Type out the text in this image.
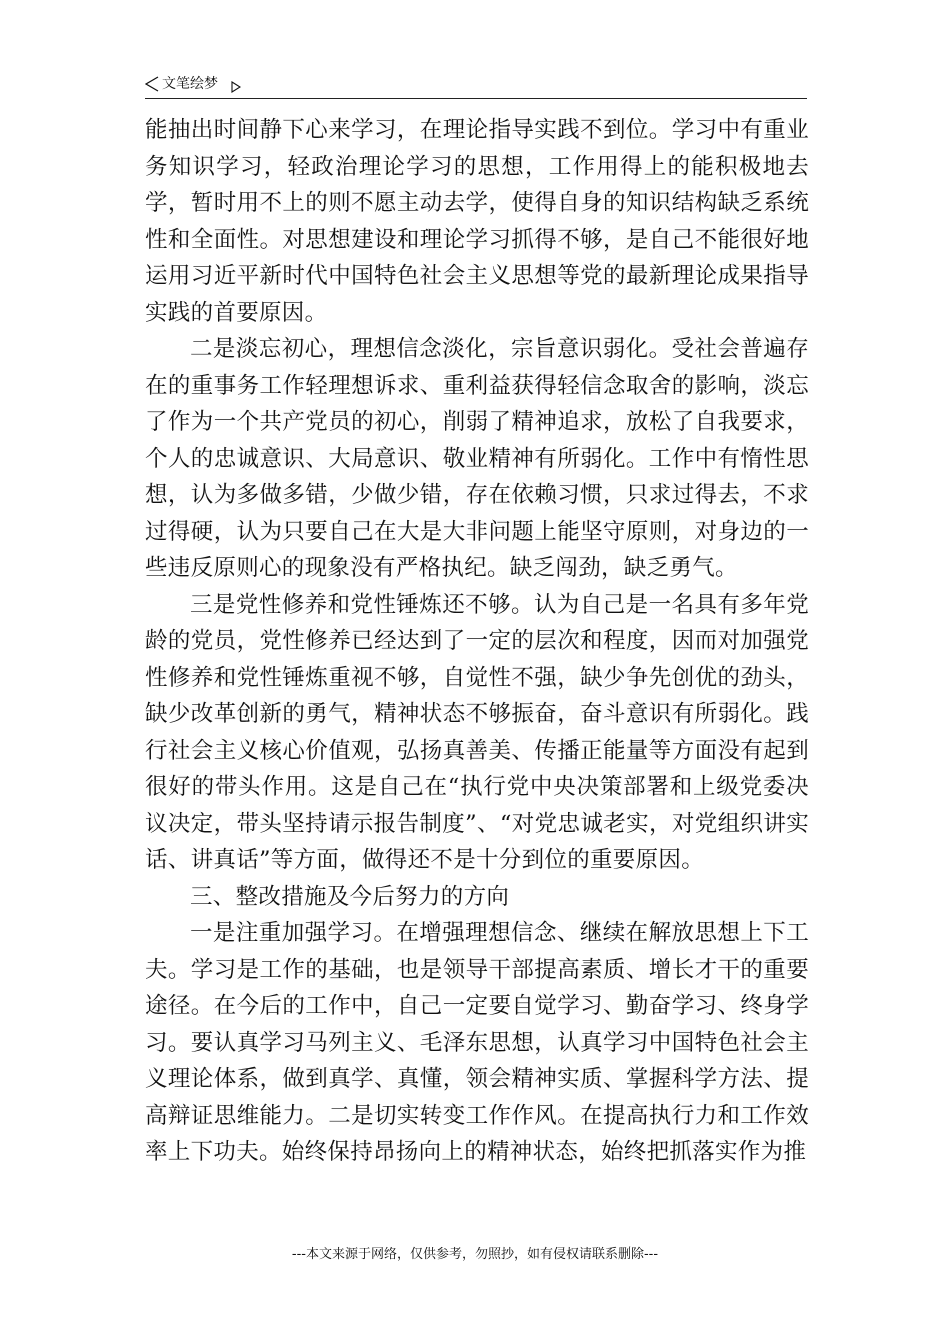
文笔绘梦

能抽出时间静下心来学习，在理论指导实践不到位。学习中有重业务知识学习，轻政治理论学习的思想，工作用得上的能积极地去学，暂时用不上的则不愿主动去学，使得自身的知识结构缺乏系统性和全面性。对思想建设和理论学习抓得不够，是自己不能很好地运用习近平新时代中国特色社会主义思想等党的最新理论成果指导实践的首要原因。

二是淡忘初心，理想信念淡化，宗旨意识弱化。受社会普遍存在的重事务工作轻理想诉求、重利益获得轻信念取舍的影响，淡忘了作为一个共产党员的初心，削弱了精神追求，放松了自我要求，个人的忠诚意识、大局意识、敬业精神有所弱化。工作中有惰性思想，认为多做多错，少做少错，存在依赖习惯，只求过得去，不求过得硬，认为只要自己在大是大非问题上能坚守原则，对身边的一些违反原则心的现象没有严格执纪。缺乏闯劲，缺乏勇气。

三是党性修养和党性锤炼还不够。认为自己是一名具有多年党龄的党员，党性修养已经达到了一定的层次和程度，因而对加强党性修养和党性锤炼重视不够，自觉性不强，缺少争先创优的劲头，缺少改革创新的勇气，精神状态不够振奋，奋斗意识有所弱化。践行社会主义核心价值观，弘扬真善美、传播正能量等方面没有起到很好的带头作用。这是自己在“执行党中央决策部署和上级党委决议决定，带头坚持请示报告制度”、“对党忠诚老实，对党组织讲实话、讲真话”等方面，做得还不是十分到位的重要原因。

三、整改措施及今后努力的方向

一是注重加强学习。在增强理想信念、继续在解放思想上下工夫。学习是工作的基础，也是领导干部提高素质、增长才干的重要途径。在今后的工作中，自己一定要自觉学习、勤奋学习、终身学习。要认真学习马列主义、毛泽东思想，认真学习中国特色社会主义理论体系，做到真学、真懂，领会精神实质、掌握科学方法、提高辩证思维能力。二是切实转变工作作风。在提高执行力和工作效率上下功夫。始终保持昂扬向上的精神状态，始终把抓落实作为推

---本文来源于网络，仅供参考，勿照抄，如有侵权请联系删除---
